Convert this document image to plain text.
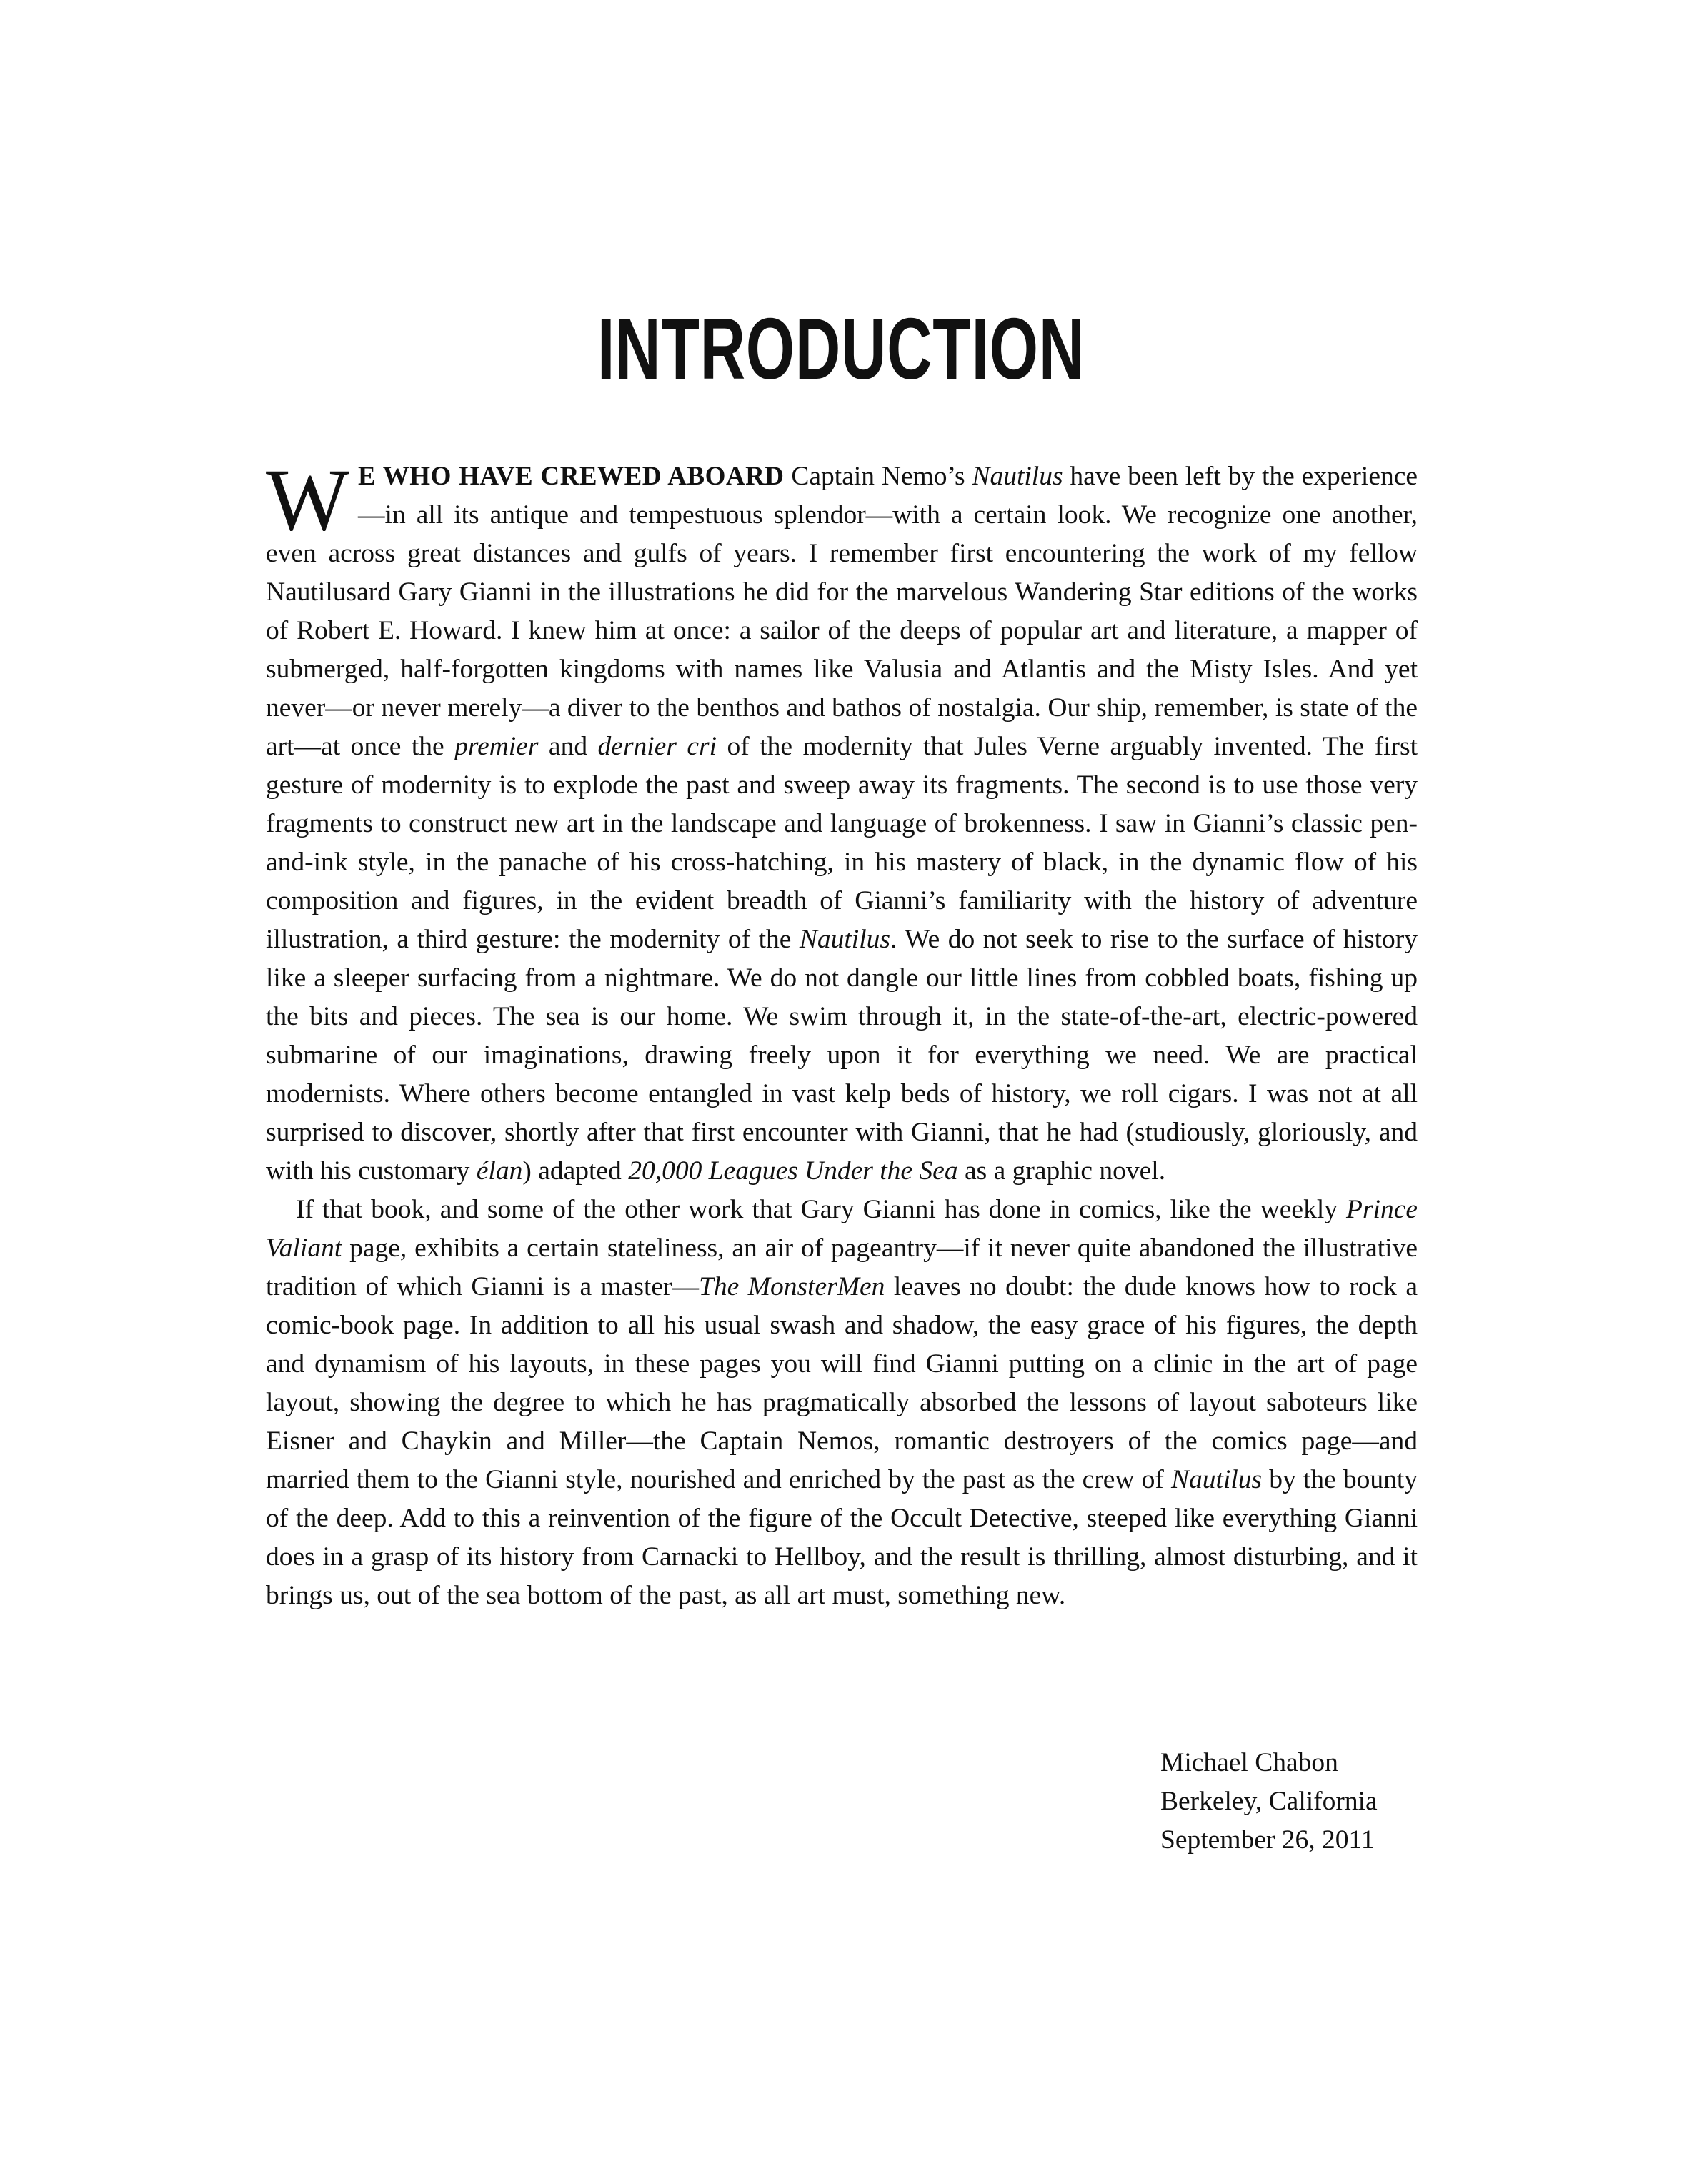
INTRODUCTION

W E WHO HAVE CREWED ABOARD Captain Nemo’s Nautilus have been left by the experience—in all its antique and tempestuous splendor—with a certain look. We recognize one another, even across great distances and gulfs of years. I remember first encountering the work of my fellow Nautilusard Gary Gianni in the illustrations he did for the marvelous Wandering Star editions of the works of Robert E. Howard. I knew him at once: a sailor of the deeps of popular art and literature, a mapper of submerged, half-forgotten kingdoms with names like Valusia and Atlantis and the Misty Isles. And yet never—or never merely—a diver to the benthos and bathos of nostalgia. Our ship, remember, is state of the art—at once the premier and dernier cri of the modernity that Jules Verne arguably invented. The first gesture of modernity is to explode the past and sweep away its fragments. The second is to use those very fragments to construct new art in the landscape and language of brokenness. I saw in Gianni’s classic pen-and-ink style, in the panache of his cross-hatching, in his mastery of black, in the dynamic flow of his composition and figures, in the evident breadth of Gianni’s familiarity with the history of adventure illustration, a third gesture: the modernity of the Nautilus. We do not seek to rise to the surface of history like a sleeper surfacing from a nightmare. We do not dangle our little lines from cobbled boats, fishing up the bits and pieces. The sea is our home. We swim through it, in the state-of-the-art, electric-powered submarine of our imaginations, drawing freely upon it for everything we need. We are practical modernists. Where others become entangled in vast kelp beds of history, we roll cigars. I was not at all surprised to discover, shortly after that first encounter with Gianni, that he had (studiously, gloriously, and with his customary élan) adapted 20,000 Leagues Under the Sea as a graphic novel.

If that book, and some of the other work that Gary Gianni has done in comics, like the weekly Prince Valiant page, exhibits a certain stateliness, an air of pageantry—if it never quite abandoned the illustrative tradition of which Gianni is a master—The MonsterMen leaves no doubt: the dude knows how to rock a comic-book page. In addition to all his usual swash and shadow, the easy grace of his figures, the depth and dynamism of his layouts, in these pages you will find Gianni putting on a clinic in the art of page layout, showing the degree to which he has pragmatically absorbed the lessons of layout saboteurs like Eisner and Chaykin and Miller—the Captain Nemos, romantic destroyers of the comics page—and married them to the Gianni style, nourished and enriched by the past as the crew of Nautilus by the bounty of the deep. Add to this a reinvention of the figure of the Occult Detective, steeped like everything Gianni does in a grasp of its history from Carnacki to Hellboy, and the result is thrilling, almost disturbing, and it brings us, out of the sea bottom of the past, as all art must, something new.

Michael Chabon
Berkeley, California
September 26, 2011
